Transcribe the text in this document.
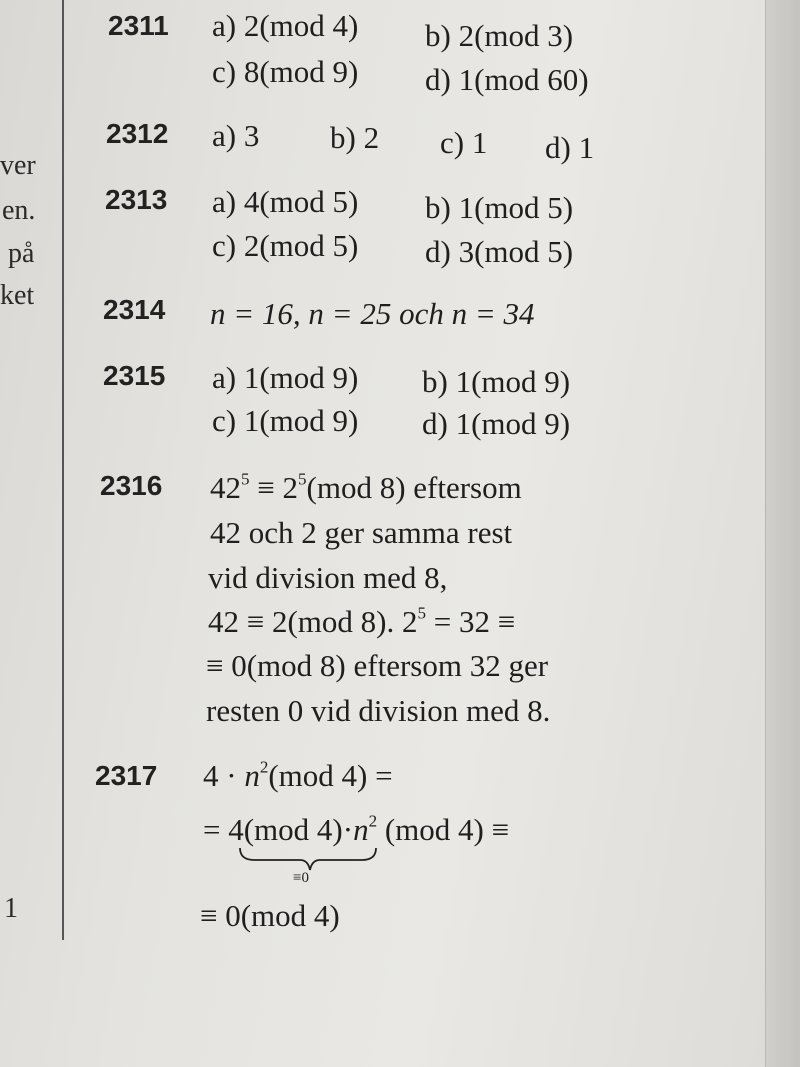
ver
en.
på
ket
1
2311 a) 2(mod 4) b) 2(mod 3)
c) 8(mod 9) d) 1(mod 60)
2312 a) 3 b) 2 c) 1 d) 1
2313 a) 4(mod 5) b) 1(mod 5)
c) 2(mod 5) d) 3(mod 5)
2314 n = 16, n = 25 och n = 34
2315 a) 1(mod 9) b) 1(mod 9)
c) 1(mod 9) d) 1(mod 9)
2316 $42^5 \equiv 2^5(mod$ 8) eftersom
42 och 2 ger samma rest
vid division med 8,
42 ≡ 2(mod 8). $2^5 = 32$ ≡
≡ 0(mod 8) eftersom 32 ger
resten 0 vid division med 8.
2317 $4 \cdot n^2(mod$ 4) =
= 4(mod $4)\cdot n^2$ (mod 4) ≡
≡0
≡ 0(mod 4)
